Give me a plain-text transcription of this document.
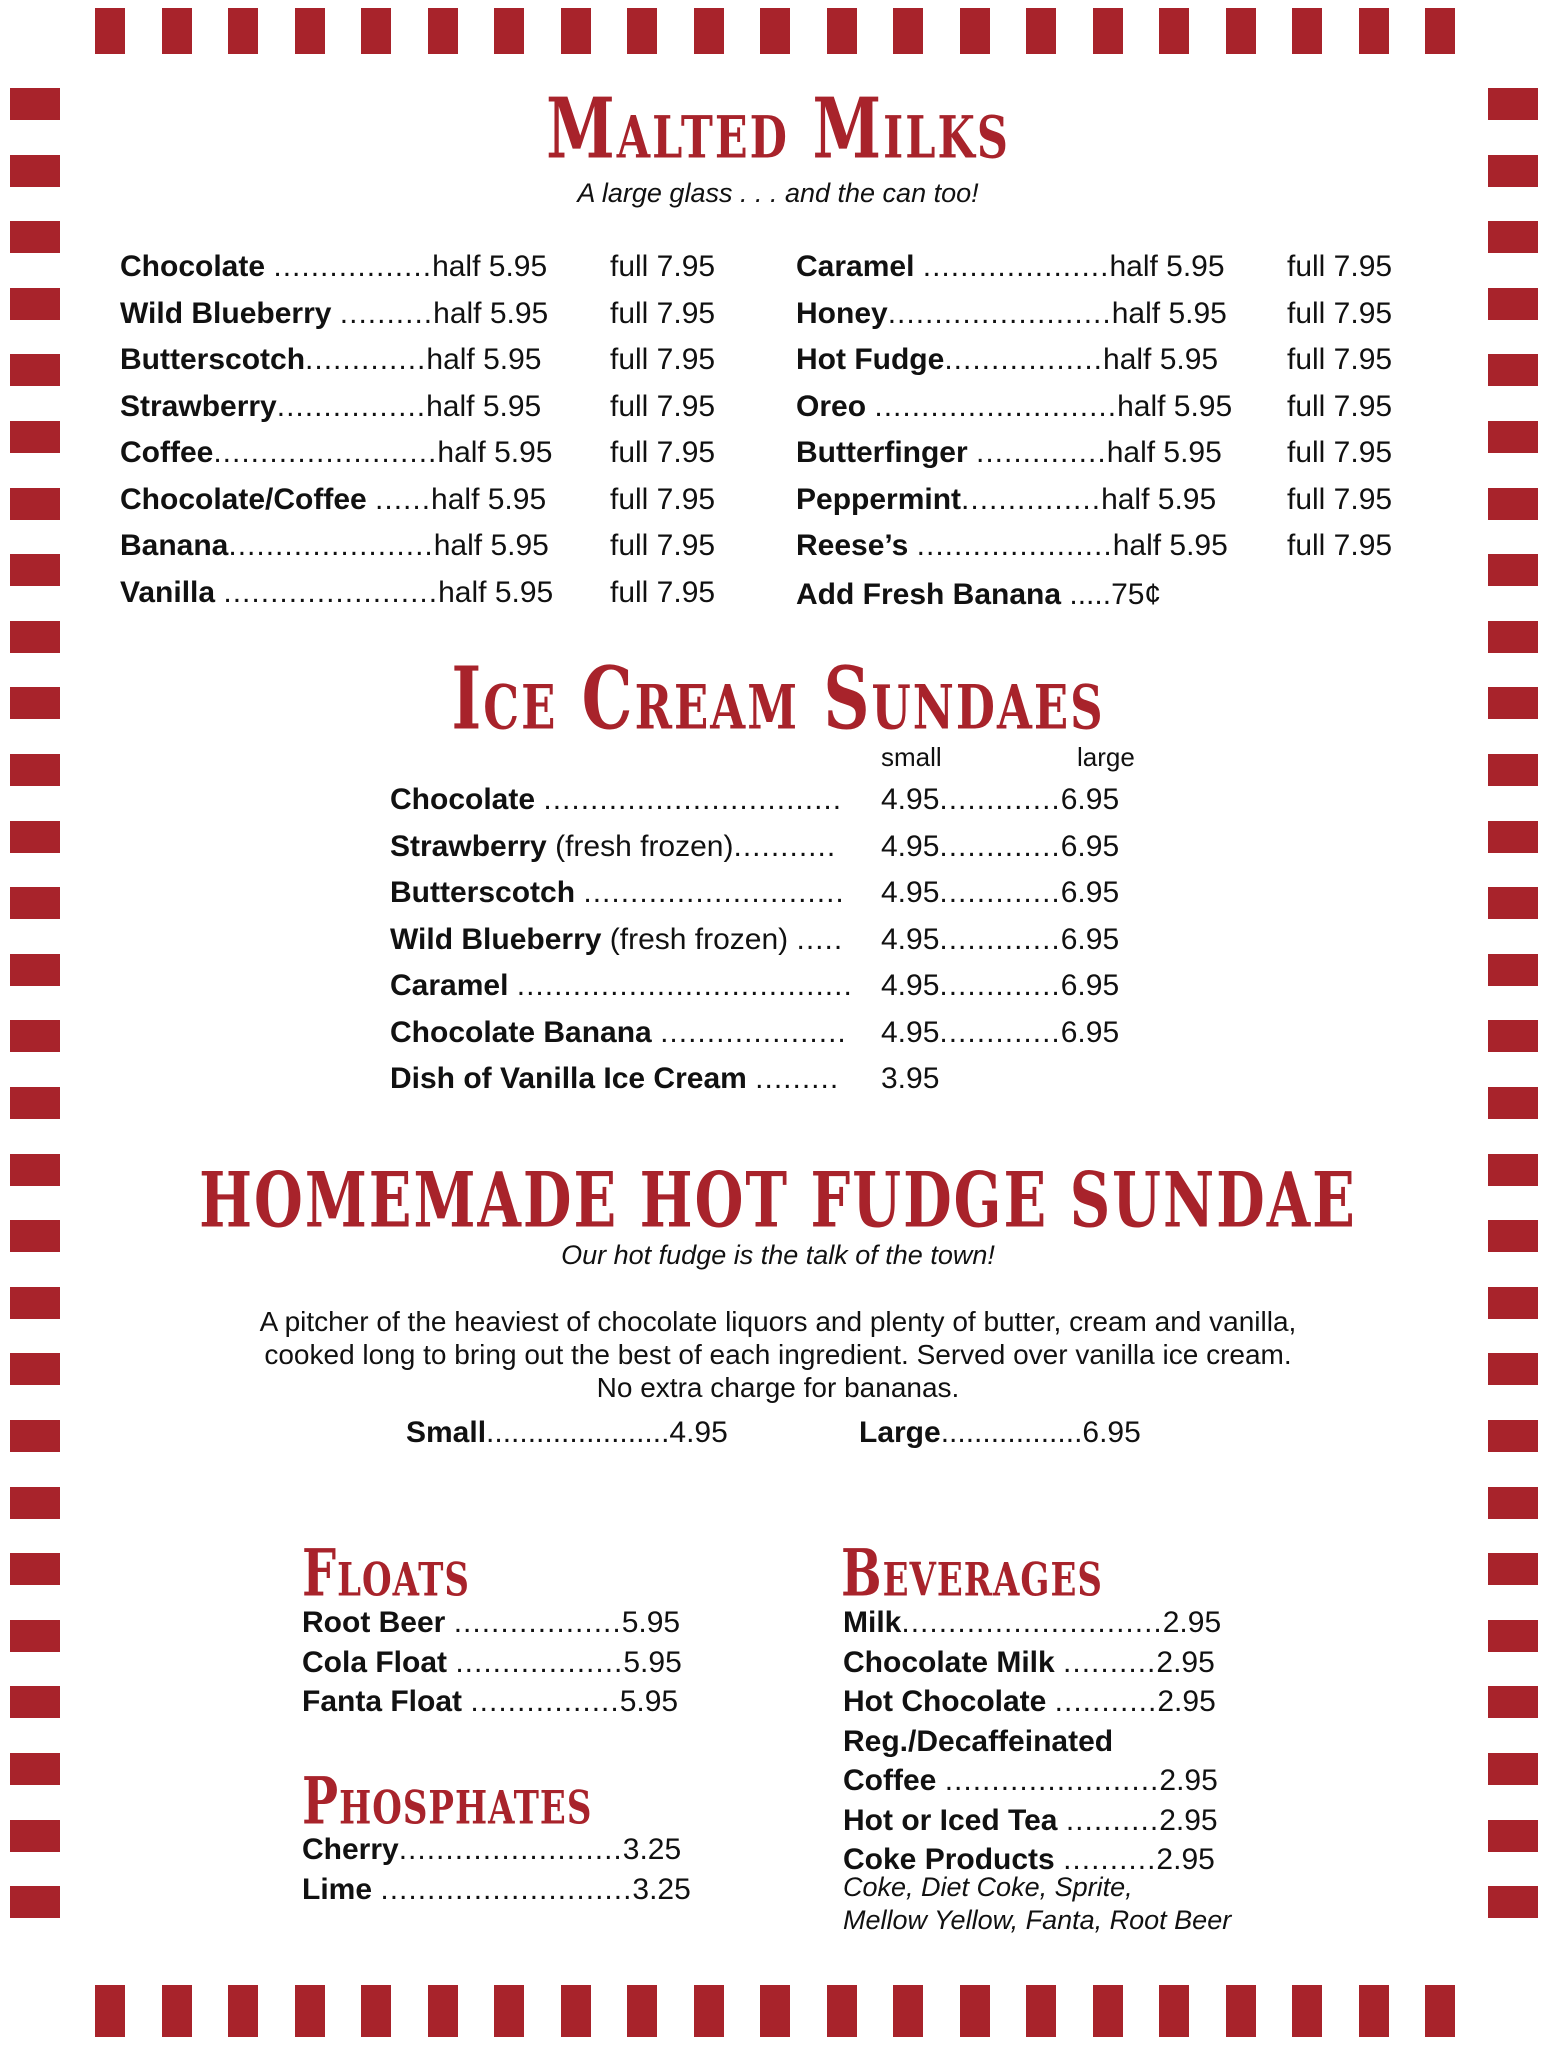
Malted Milks
A large glass . . . and the can too!
Chocolate .................half 5.95 full 7.95
Wild Blueberry ..........half 5.95 full 7.95
Butterscotch.............half 5.95 full 7.95
Strawberry................half 5.95 full 7.95
Coffee........................half 5.95 full 7.95
Chocolate/Coffee ......half 5.95 full 7.95
Banana......................half 5.95 full 7.95
Vanilla .......................half 5.95 full 7.95
Caramel ....................half 5.95 full 7.95
Honey........................half 5.95 full 7.95
Hot Fudge.................half 5.95 full 7.95
Oreo ..........................half 5.95 full 7.95
Butterfinger ..............half 5.95 full 7.95
Peppermint...............half 5.95 full 7.95
Reese’s .....................half 5.95 full 7.95
Add Fresh Banana .....75¢
Ice Cream Sundaes
small	large
Chocolate ................................ 4.95.............6.95
Strawberry (fresh frozen)........... 4.95.............6.95
Butterscotch ............................ 4.95.............6.95
Wild Blueberry (fresh frozen) ..... 4.95.............6.95
Caramel .................................... 4.95.............6.95
Chocolate Banana .................... 4.95.............6.95
Dish of Vanilla Ice Cream ......... 3.95
HOMEMADE HOT FUDGE SUNDAE
Our hot fudge is the talk of the town!
A pitcher of the heaviest of chocolate liquors and plenty of butter, cream and vanilla,
cooked long to bring out the best of each ingredient. Served over vanilla ice cream.
No extra charge for bananas.
Small......................4.95	Large.................6.95
Floats
Root Beer ..................5.95
Cola Float ..................5.95
Fanta Float ................5.95
Phosphates
Cherry........................3.25
Lime ...........................3.25
Beverages
Milk............................2.95
Chocolate Milk ..........2.95
Hot Chocolate ...........2.95
Reg./Decaffeinated
Coffee .......................2.95
Hot or Iced Tea ..........2.95
Coke Products ..........2.95
Coke, Diet Coke, Sprite,
Mellow Yellow, Fanta, Root Beer
